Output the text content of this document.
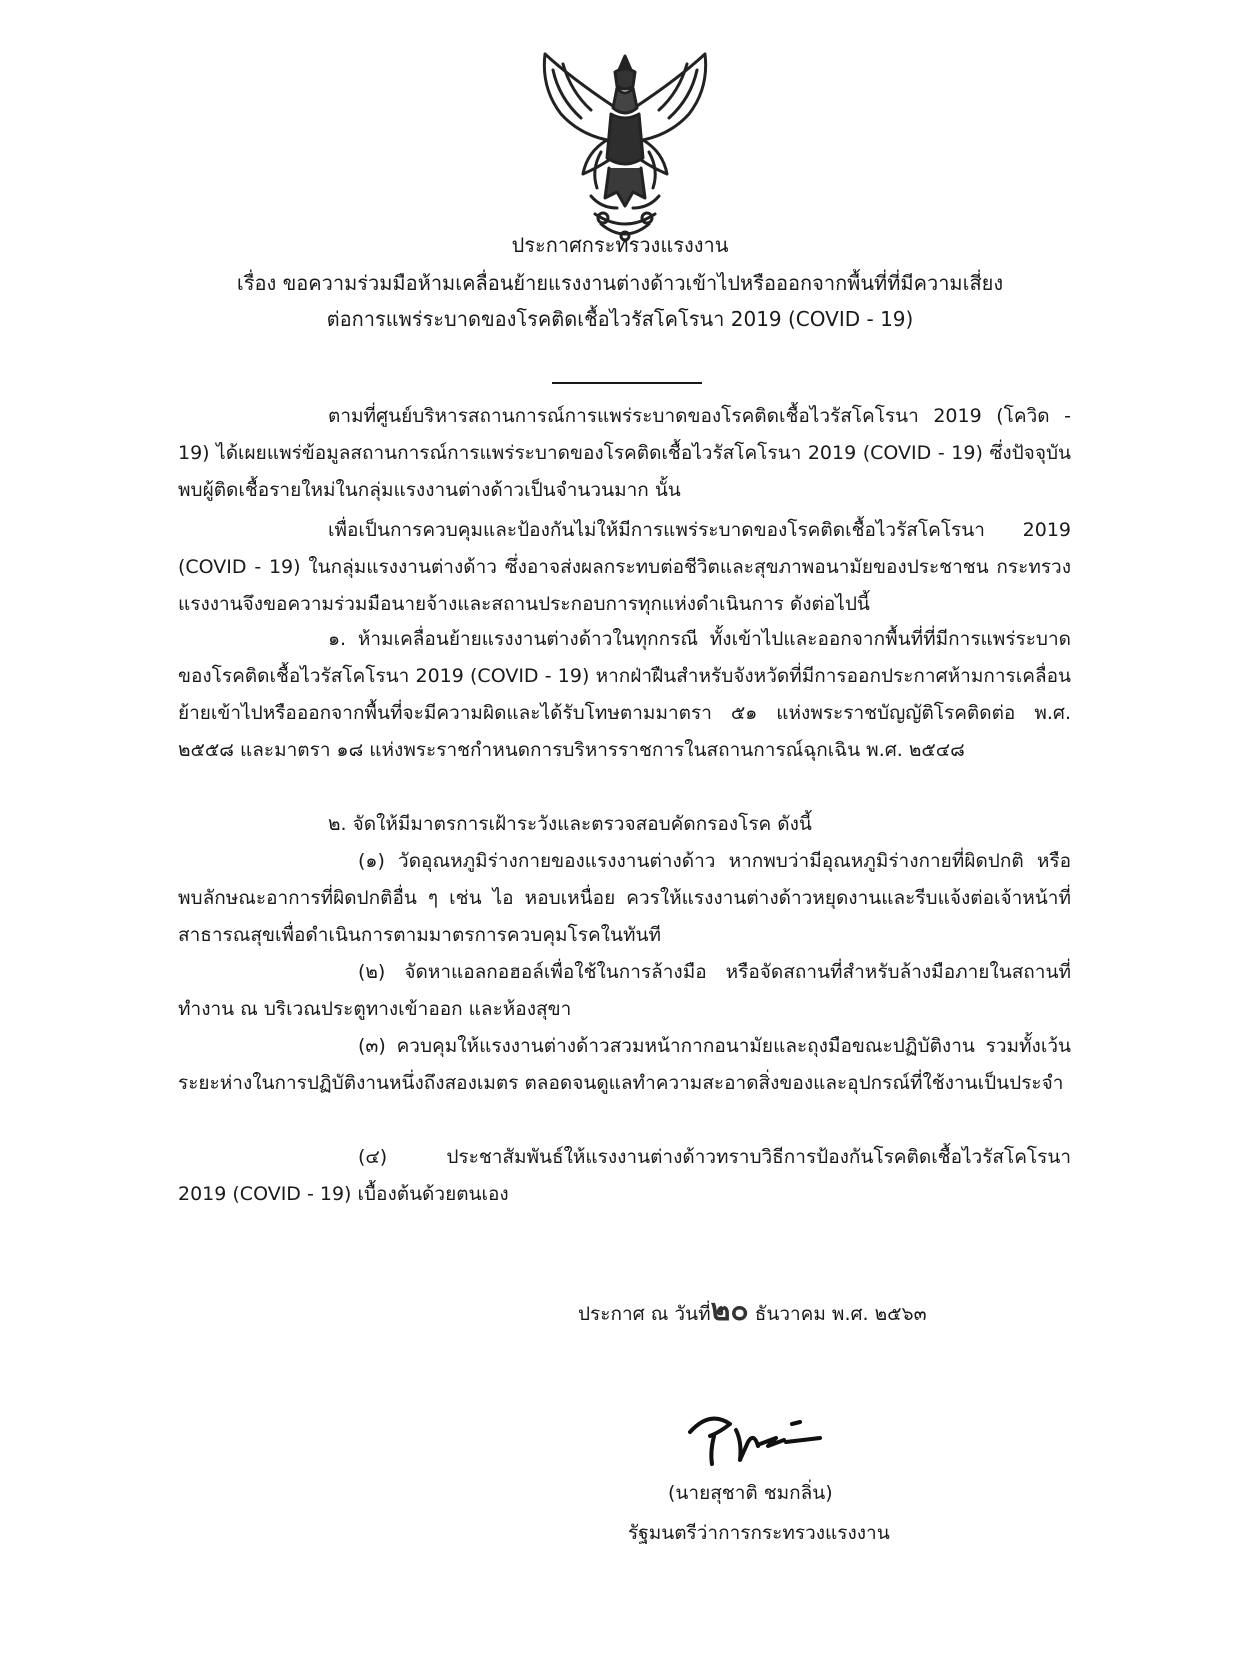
ประกาศกระทรวงแรงงาน
เรื่อง ขอความร่วมมือห้ามเคลื่อนย้ายแรงงานต่างด้าวเข้าไปหรือออกจากพื้นที่ที่มีความเสี่ยง
ต่อการแพร่ระบาดของโรคติดเชื้อไวรัสโคโรนา 2019 (COVID - 19)

ตามที่ศูนย์บริหารสถานการณ์การแพร่ระบาดของโรคติดเชื้อไวรัสโคโรนา 2019 (โควิด - 19) ได้เผยแพร่ข้อมูลสถานการณ์การแพร่ระบาดของโรคติดเชื้อไวรัสโคโรนา 2019 (COVID - 19) ซึ่งปัจจุบันพบผู้ติดเชื้อรายใหม่ในกลุ่มแรงงานต่างด้าวเป็นจำนวนมาก นั้น

เพื่อเป็นการควบคุมและป้องกันไม่ให้มีการแพร่ระบาดของโรคติดเชื้อไวรัสโคโรนา 2019 (COVID - 19) ในกลุ่มแรงงานต่างด้าว ซึ่งอาจส่งผลกระทบต่อชีวิตและสุขภาพอนามัยของประชาชน กระทรวงแรงงานจึงขอความร่วมมือนายจ้างและสถานประกอบการทุกแห่งดำเนินการ ดังต่อไปนี้

๑. ห้ามเคลื่อนย้ายแรงงานต่างด้าวในทุกกรณี ทั้งเข้าไปและออกจากพื้นที่ที่มีการแพร่ระบาดของโรคติดเชื้อไวรัสโคโรนา 2019 (COVID - 19) หากฝ่าฝืนสำหรับจังหวัดที่มีการออกประกาศห้ามการเคลื่อนย้ายเข้าไปหรือออกจากพื้นที่จะมีความผิดและได้รับโทษตามมาตรา ๕๑ แห่งพระราชบัญญัติโรคติดต่อ พ.ศ. ๒๕๕๘ และมาตรา ๑๘ แห่งพระราชกำหนดการบริหารราชการในสถานการณ์ฉุกเฉิน พ.ศ. ๒๕๔๘

๒. จัดให้มีมาตรการเฝ้าระวังและตรวจสอบคัดกรองโรค ดังนี้

(๑) วัดอุณหภูมิร่างกายของแรงงานต่างด้าว หากพบว่ามีอุณหภูมิร่างกายที่ผิดปกติ หรือพบลักษณะอาการที่ผิดปกติอื่น ๆ เช่น ไอ หอบเหนื่อย ควรให้แรงงานต่างด้าวหยุดงานและรีบแจ้งต่อเจ้าหน้าที่สาธารณสุขเพื่อดำเนินการตามมาตรการควบคุมโรคในทันที

(๒) จัดหาแอลกอฮอล์เพื่อใช้ในการล้างมือ หรือจัดสถานที่สำหรับล้างมือภายในสถานที่ทำงาน ณ บริเวณประตูทางเข้าออก และห้องสุขา

(๓) ควบคุมให้แรงงานต่างด้าวสวมหน้ากากอนามัยและถุงมือขณะปฏิบัติงาน รวมทั้งเว้นระยะห่างในการปฏิบัติงานหนึ่งถึงสองเมตร ตลอดจนดูแลทำความสะอาดสิ่งของและอุปกรณ์ที่ใช้งานเป็นประจำ

(๔) ประชาสัมพันธ์ให้แรงงานต่างด้าวทราบวิธีการป้องกันโรคติดเชื้อไวรัสโคโรนา 2019 (COVID - 19) เบื้องต้นด้วยตนเอง

ประกาศ ณ วันที่๒๐ ธันวาคม พ.ศ. ๒๕๖๓
(นายสุชาติ ชมกลิ่น)
รัฐมนตรีว่าการกระทรวงแรงงาน
